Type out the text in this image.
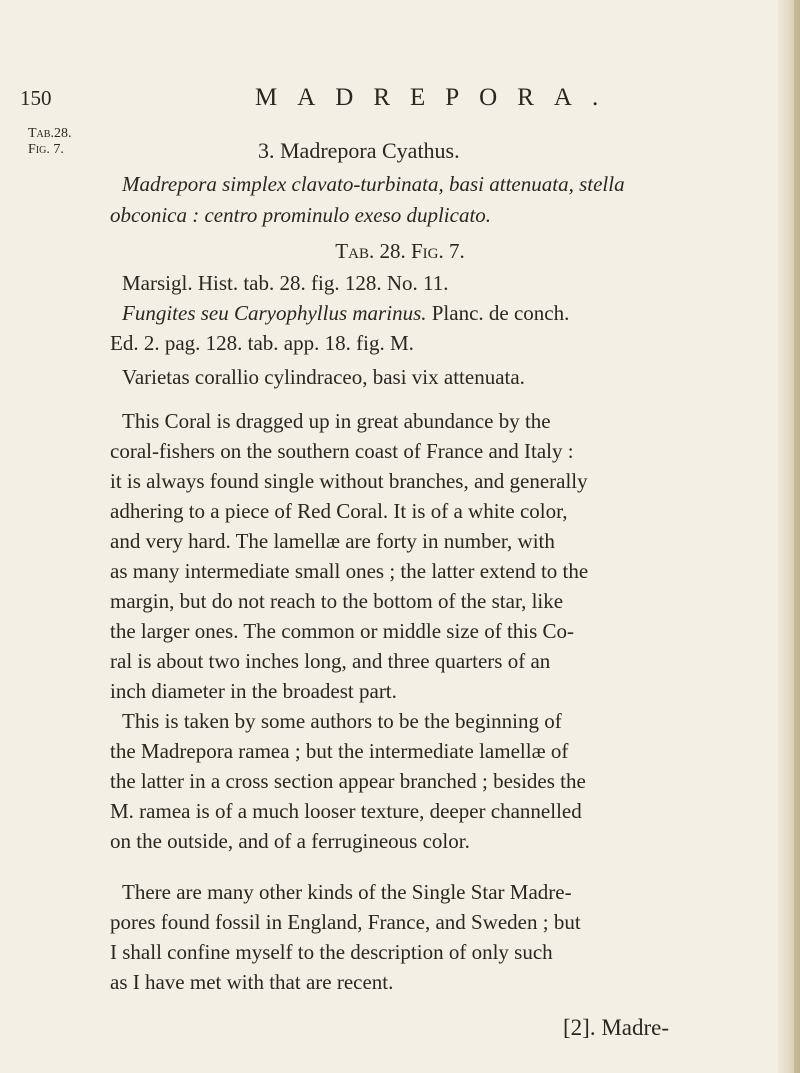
150	MADREPORA.
Tab.28.
Fig. 7.	3. Madrepora Cyathus.
Madrepora simplex clavato-turbinata, basi attenuata, stella
obconica : centro prominulo exeso duplicato.
Tab. 28. Fig. 7.
Marsigl. Hist. tab. 28. fig. 128. No. 11.
Fungites seu Caryophyllus marinus. Planc. de conch.
Ed. 2. pag. 128. tab. app. 18. fig. M.
Varietas corallio cylindraceo, basi vix attenuata.
This Coral is dragged up in great abundance by the
coral-fishers on the southern coast of France and Italy :
it is always found single without branches, and generally
adhering to a piece of Red Coral. It is of a white color,
and very hard. The lamellæ are forty in number, with
as many intermediate small ones ; the latter extend to the
margin, but do not reach to the bottom of the star, like
the larger ones. The common or middle size of this Co-
ral is about two inches long, and three quarters of an
inch diameter in the broadest part.
This is taken by some authors to be the beginning of
the Madrepora ramea ; but the intermediate lamellæ of
the latter in a cross section appear branched ; besides the
M. ramea is of a much looser texture, deeper channelled
on the outside, and of a ferrugineous color.
There are many other kinds of the Single Star Madre-
pores found fossil in England, France, and Sweden ; but
I shall confine myself to the description of only such
as I have met with that are recent.
[2]. Madre-
